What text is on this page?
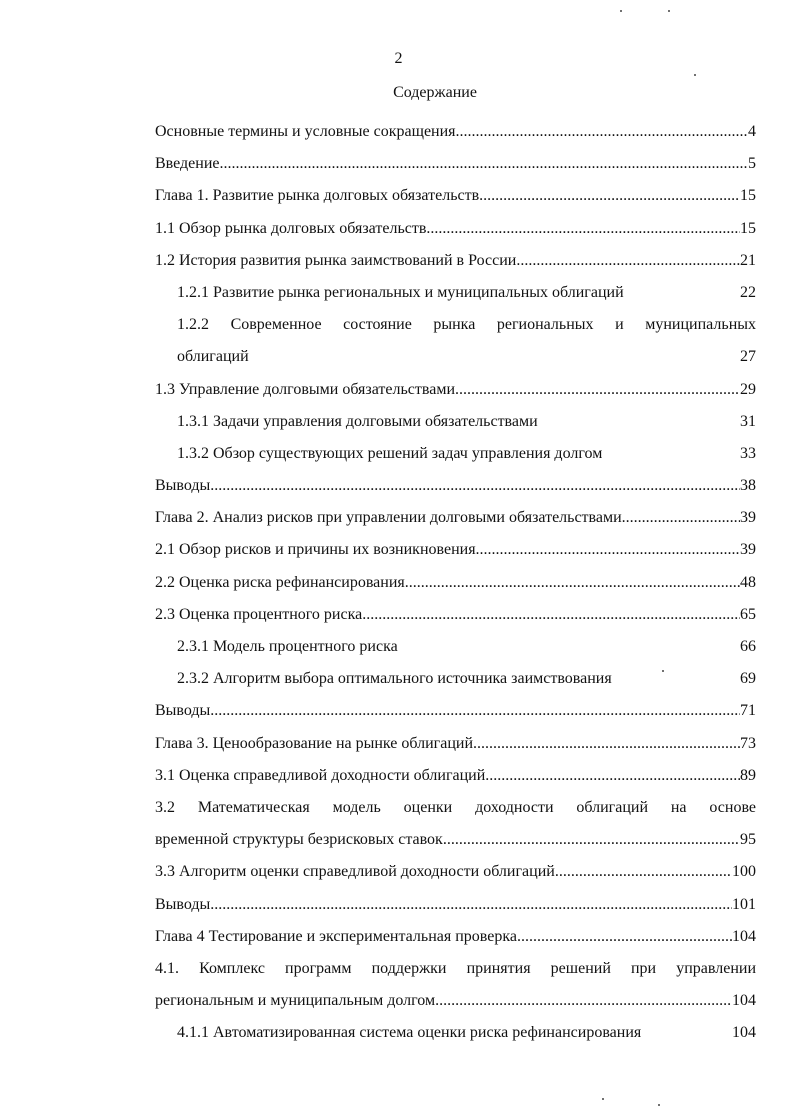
2
Содержание
Основные термины и условные сокращения .....	4
Введение .....	5
Глава 1. Развитие рынка долговых обязательств .....	15
1.1 Обзор рынка долговых обязательств .....	15
1.2 История развития рынка заимствований в России .....	21
1.2.1 Развитие рынка региональных и муниципальных облигаций	22
1.2.2 Современное состояние рынка региональных и муниципальных
облигаций	27
1.3 Управление долговыми обязательствами .....	29
1.3.1 Задачи управления долговыми обязательствами	31
1.3.2 Обзор существующих решений задач управления долгом	33
Выводы .....	38
Глава 2. Анализ рисков при управлении долговыми обязательствами .....	39
2.1 Обзор рисков и причины их возникновения .....	39
2.2 Оценка риска рефинансирования .....	48
2.3 Оценка процентного риска .....	65
2.3.1 Модель процентного риска	66
2.3.2 Алгоритм выбора оптимального источника заимствования	69
Выводы .....	71
Глава 3. Ценообразование на рынке облигаций .....	73
3.1 Оценка справедливой доходности облигаций .....	89
3.2 Математическая модель оценки доходности облигаций на основе
временной структуры безрисковых ставок .....	95
3.3 Алгоритм оценки справедливой доходности облигаций .....	100
Выводы .....	101
Глава 4 Тестирование и экспериментальная проверка .....	104
4.1. Комплекс программ поддержки принятия решений при управлении
региональным и муниципальным долгом .....	104
4.1.1 Автоматизированная система оценки риска рефинансирования	104
